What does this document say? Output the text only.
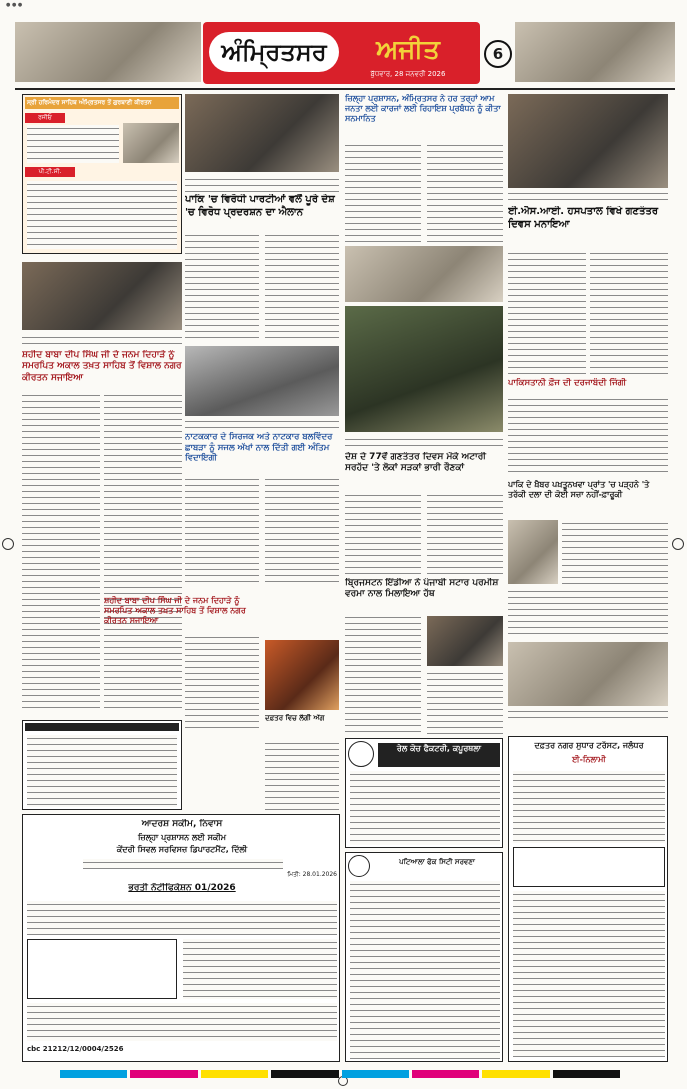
● ● ●
ਅੰਮ੍ਰਿਤਸਰ	ਅਜੀਤ
ਬੁੱਧਵਾਰ, 28 ਜਨਵਰੀ 2026
6
ਸ੍ਰੀ ਹਰਿਮੰਦਰ ਸਾਹਿਬ ਅੰਮ੍ਰਿਤਸਰ ਤੋਂ ਗੁਰਬਾਣੀ ਕੀਰਤਨ
ਰਜੀਓ
ਪੀ.ਟੀ.ਸੀ.
ਸ਼ਹੀਦ ਬਾਬਾ ਦੀਪ ਸਿੰਘ ਜੀ ਦੇ ਜਨਮ ਦਿਹਾੜੇ ਨੂੰ ਸਮਰਪਿਤ ਅਕਾਲ ਤਖ਼ਤ ਸਾਹਿਬ ਤੋਂ ਵਿਸ਼ਾਲ ਨਗਰ ਕੀਰਤਨ ਸਜਾਇਆ
ਪਾਕਿ 'ਚ ਵਿਰੋਧੀ ਪਾਰਟੀਆਂ ਵਲੋਂ ਪੂਰੇ ਦੇਸ਼ 'ਚ ਵਿਰੋਧ ਪ੍ਰਦਰਸ਼ਨ ਦਾ ਐਲਾਨ
ਨਾਟਕਕਾਰ ਦੇ ਸਿਰਜਕ ਅਤੇ ਨਾਟਕਾਰ ਬਲਵਿੰਦਰ ਛਾਬੜਾ ਨੂੰ ਸਜਲ ਅੱਖਾਂ ਨਾਲ ਦਿੱਤੀ ਗਈ ਅੰਤਿਮ ਵਿਦਾਇਗੀ
ਸ਼ਹੀਦ ਬਾਬਾ ਦੀਪ ਸਿੰਘ ਜੀ ਦੇ ਜਨਮ ਦਿਹਾੜੇ ਨੂੰ ਸਮਰਪਿਤ ਅਕਾਲ ਤਖ਼ਤ ਸਾਹਿਬ ਤੋਂ ਵਿਸ਼ਾਲ ਨਗਰ ਕੀਰਤਨ ਸਜਾਇਆ
ਦਫ਼ਤਰ ਵਿਚ ਲੱਗੀ ਅੱਗ
ਜ਼ਿਲ੍ਹਾ ਪ੍ਰਸ਼ਾਸਨ, ਅੰਮ੍ਰਿਤਸਰ ਨੇ ਹਰ ਤਰ੍ਹਾਂ ਆਮ ਜਨਤਾ ਲਈ ਕਾਰਜਾਂ ਲਈ ਰਿਹਾਇਸ਼ ਪ੍ਰਬੰਧਨ ਨੂੰ ਕੀਤਾ ਸਨਮਾਨਿਤ
ਦੇਸ਼ ਦੇ 77ਵੇਂ ਗਣਤੰਤਰ ਦਿਵਸ ਮੌਕੇ ਅਟਾਰੀ ਸਰਹੱਦ 'ਤੇ ਲੋਕਾਂ ਸੜਕਾਂ ਭਾਰੀ ਰੌਣਕਾਂ
ਬ੍ਰਿਜਸਟਨ ਇੰਡੀਆ ਨੇ ਪੰਜਾਬੀ ਸਟਾਰ ਪਰਮੀਸ਼ ਵਰਮਾ ਨਾਲ ਮਿਲਾਇਆ ਹੱਥ
ਰੇਲ ਕੋਚ ਫੈਕਟਰੀ, ਕਪੂਰਥਲਾ
ਪਟਿਆਲਾ ਫੋਕ ਸਿਟੀ ਸਰਵਣਾ
ਈ.ਐਸ.ਆਈ. ਹਸਪਤਾਲ ਵਿਖੇ ਗਣਤੰਤਰ ਦਿਵਸ ਮਨਾਇਆ
ਪਾਕਿਸਤਾਨੀ ਫ਼ੌਜ ਦੀ ਦਰਜਾਬੰਦੀ ਜਿੰਗੀ
ਪਾਕਿ ਦੇ ਖ਼ੈਬਰ ਪਖ਼ਤੂਨਖਵਾ ਪ੍ਰਾਂਤ 'ਚ ਪੜ੍ਹਨੇ 'ਤੇ ਤਰੱਕੀ ਦਲਾ ਦੀ ਕੋਈ ਸਜ਼ਾ ਨਹੀਂ-ਫ਼ਾਰੂਕੀ
ਦਫ਼ਤਰ ਨਗਰ ਸੁਧਾਰ ਟਰੱਸਟ, ਜਲੰਧਰ
ਈ-ਨਿਲਾਮੀ
ਆਦਰਸ਼ ਸਕੀਮ, ਨਿਵਾਸ
ਜ਼ਿਲ੍ਹਾ ਪ੍ਰਸ਼ਾਸਨ ਲਈ ਸਕੀਮ
ਕੇਂਦਰੀ ਸਿਵਲ ਸਰਵਿਸਜ਼ ਡਿਪਾਰਟਮੈਂਟ, ਦਿੱਲੀ
ਮਿਤੀ: 28.01.2026
ਭਰਤੀ ਨੋਟੀਫਿਕੇਸ਼ਨ 01/2026
cbc 21212/12/0004/2526
